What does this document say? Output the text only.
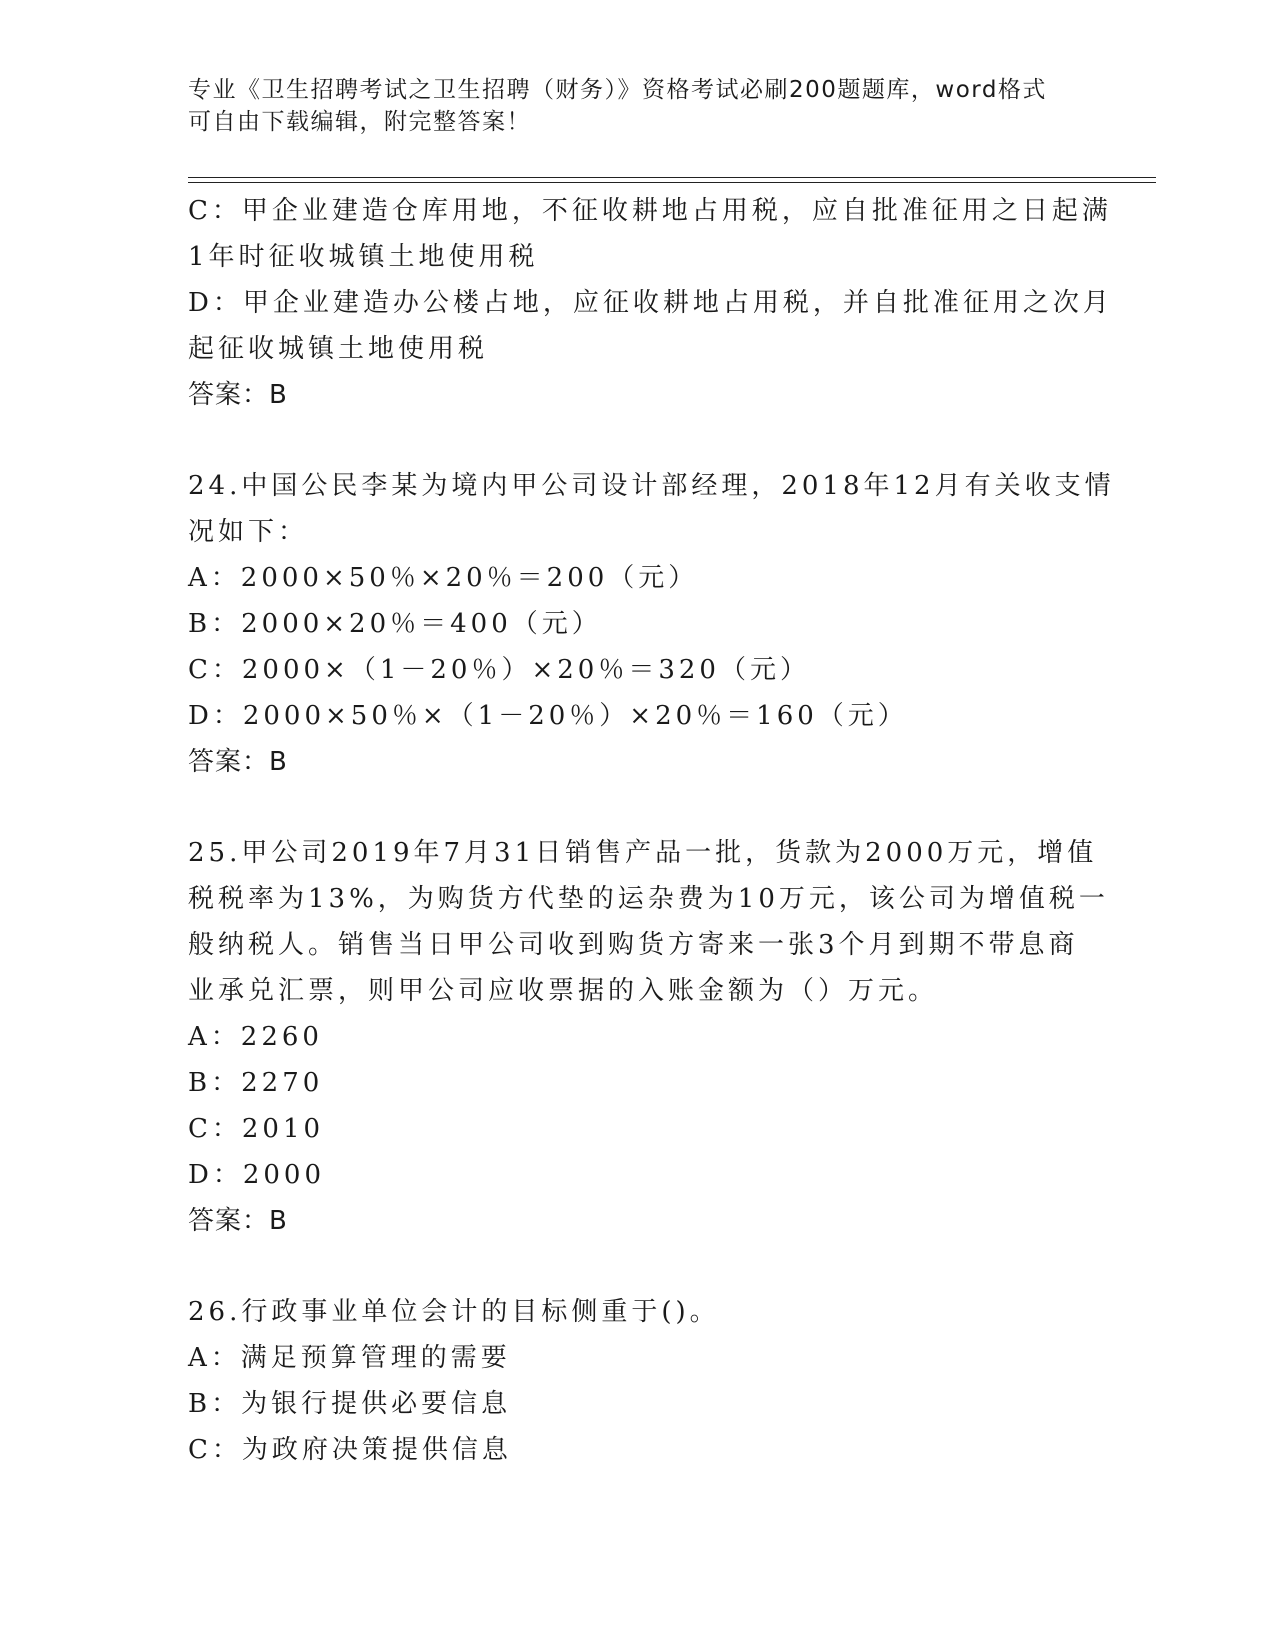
专业《卫生招聘考试之卫生招聘（财务）》资格考试必刷200题题库，word格式
可自由下载编辑，附完整答案！
C：甲企业建造仓库用地，不征收耕地占用税，应自批准征用之日起满
1年时征收城镇土地使用税
D：甲企业建造办公楼占地，应征收耕地占用税，并自批准征用之次月
起征收城镇土地使用税
答案：B
24.中国公民李某为境内甲公司设计部经理，2018年12月有关收支情
况如下：
A：2000×50％×20％＝200（元）
B：2000×20％＝400（元）
C：2000×（1－20％）×20％＝320（元）
D：2000×50％×（1－20％）×20％＝160（元）
答案：B
25.甲公司2019年7月31日销售产品一批，货款为2000万元，增值
税税率为13%，为购货方代垫的运杂费为10万元，该公司为增值税一
般纳税人。销售当日甲公司收到购货方寄来一张3个月到期不带息商
业承兑汇票，则甲公司应收票据的入账金额为（）万元。
A：2260
B：2270
C：2010
D：2000
答案：B
26.行政事业单位会计的目标侧重于()。
A：满足预算管理的需要
B：为银行提供必要信息
C：为政府决策提供信息
